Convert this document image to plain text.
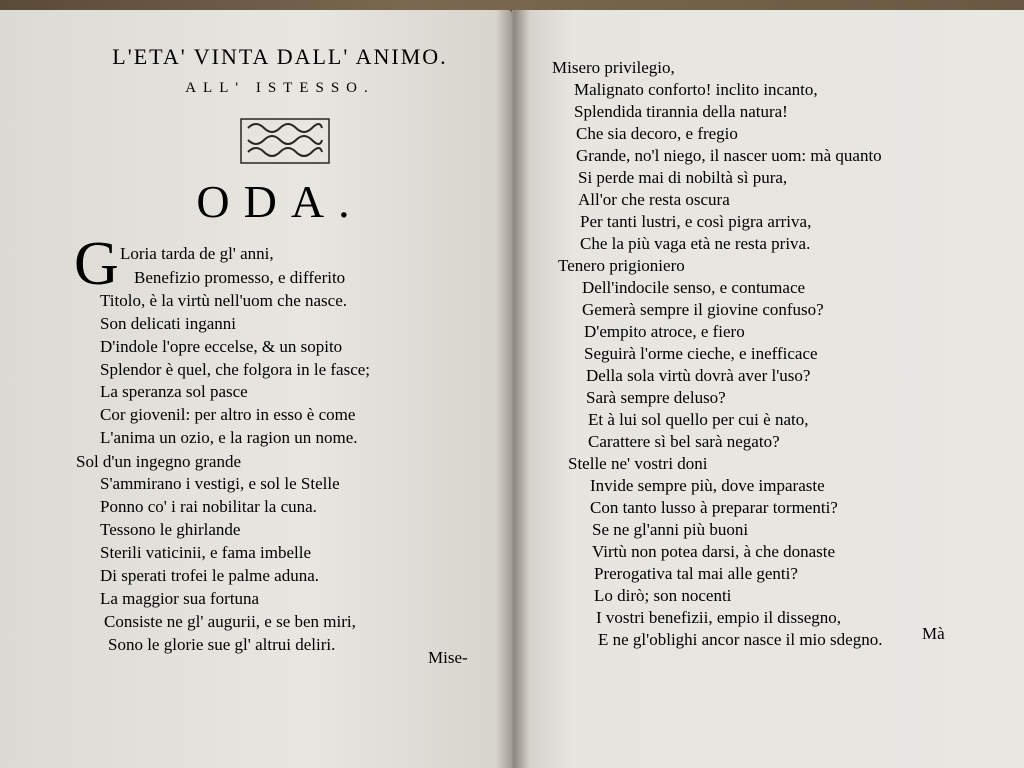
L'ETA' VINTA DALL' ANIMO.
ALL' ISTESSO.
ODA.
G Loria tarda de gl' anni,
Benefizio promesso, e differito
Titolo, è la virtù nell'uom che nasce.
Son delicati inganni
D'indole l'opre eccelse, & un sopito
Splendor è quel, che folgora in le fasce;
La speranza sol pasce
Cor giovenil: per altro in esso è come
L'anima un ozio, e la ragion un nome.
Sol d'un ingegno grande
S'ammirano i vestigi, e sol le Stelle
Ponno co' i rai nobilitar la cuna.
Tessono le ghirlande
Sterili vaticinii, e fama imbelle
Di sperati trofei le palme aduna.
La maggior sua fortuna
Consiste ne gl' augurii, e se ben miri,
Sono le glorie sue gl' altrui deliri.
Mise-
Misero privilegio,
Malignato conforto! inclito incanto,
Splendida tirannia della natura!
Che sia decoro, e fregio
Grande, no'l niego, il nascer uom: mà quanto
Si perde mai di nobiltà sì pura,
All'or che resta oscura
Per tanti lustri, e così pigra arriva,
Che la più vaga età ne resta priva.
Tenero prigioniero
Dell'indocile senso, e contumace
Gemerà sempre il giovine confuso?
D'empito atroce, e fiero
Seguirà l'orme cieche, e inefficace
Della sola virtù dovrà aver l'uso?
Sarà sempre deluso?
Et à lui sol quello per cui è nato,
Carattere sì bel sarà negato?
Stelle ne' vostri doni
Invide sempre più, dove imparaste
Con tanto lusso à preparar tormenti?
Se ne gl'anni più buoni
Virtù non potea darsi, à che donaste
Prerogativa tal mai alle genti?
Lo dirò; son nocenti
I vostri benefizii, empio il dissegno,
E ne gl'oblighi ancor nasce il mio sdegno. Mà
